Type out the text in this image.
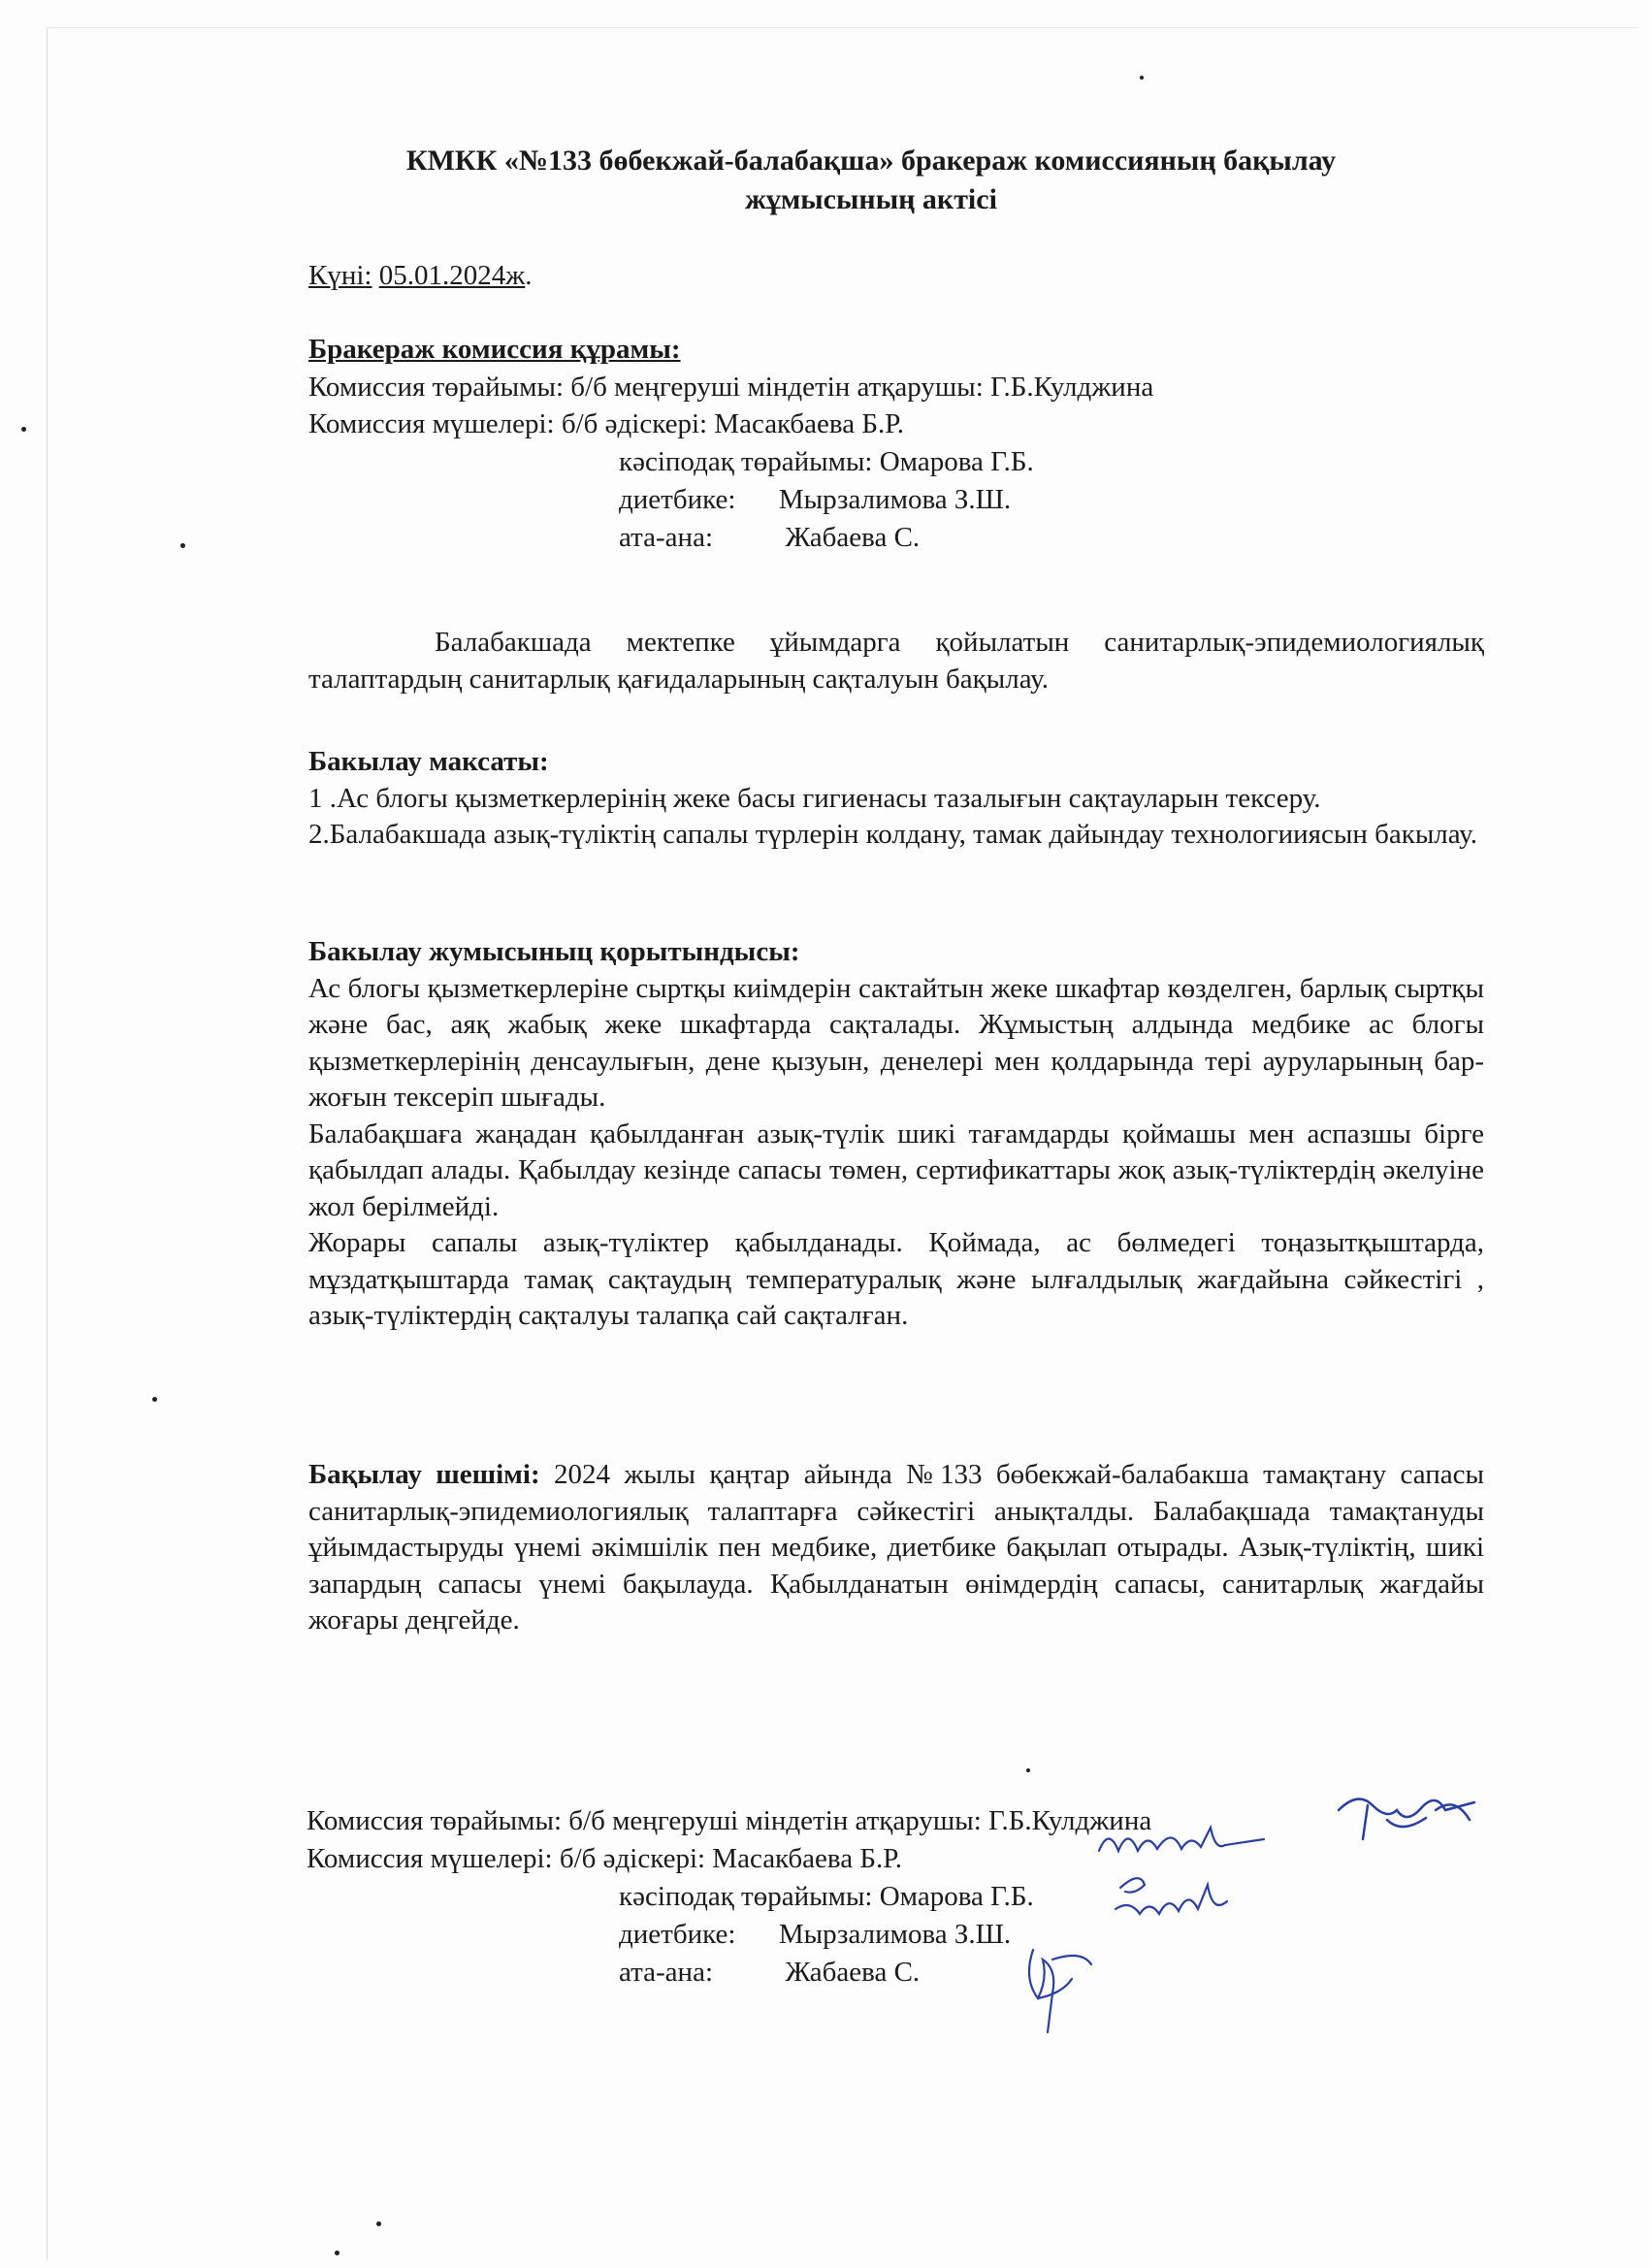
КМКК «№133 бөбекжай-балабақша» бракераж комиссияның бақылау
жұмысының актісі
Күні: 05.01.2024ж.
Бракераж комиссия құрамы:
Комиссия төрайымы: б/б меңгеруші міндетін атқарушы: Г.Б.Кулджина
Комиссия мүшелері: б/б әдіскері: Масакбаева Б.Р.
кәсіподақ төрайымы: Омарова Г.Б.
диетбике: Мырзалимова З.Ш.
ата-ана:	Жабаева С.

Балабакшада мектепке ұйымдарга қойылатын санитарлық-эпидемиологиялық талаптардың санитарлық қағидаларының сақталуын бақылау.

Бакылау максаты:

1 .Ас блогы қызметкерлерінің жеке басы гигиенасы тазалығын сақтауларын тексеру.

2.Балабакшада азық-түліктің сапалы түрлерін колдану, тамак дайындау технологииясын бакылау.

Бакылау жумысыныц қорытындысы:

Ас блогы қызметкерлеріне сыртқы киімдерін сактайтын жеке шкафтар көзделген, барлық сыртқы және бас, аяқ жабық жеке шкафтарда сақталады. Жұмыстың алдында медбике ас блогы қызметкерлерінің денсаулығын, дене қызуын, денелері мен қолдарында тері ауруларының бар-жоғын тексеріп шығады.

Балабақшаға жаңадан қабылданған азық-түлік шикі тағамдарды қоймашы мен аспазшы бірге қабылдап алады. Қабылдау кезінде сапасы төмен, сертификаттары жоқ азық-түліктердің әкелуіне жол берілмейді.

Жорары сапалы азық-түліктер қабылданады. Қоймада, ас бөлмедегі тоңазытқыштарда, мұздатқыштарда тамақ сақтаудың температуралық және ылғалдылық жағдайына сәйкестігі , азық-түліктердің сақталуы талапқа сай сақталған.

Бақылау шешімі: 2024 жылы қаңтар айында №133 бөбекжай-балабакша тамақтану сапасы санитарлық-эпидемиологиялық талаптарға сәйкестігі анықталды. Балабақшада тамақтануды ұйымдастыруды үнемі әкімшілік пен медбике, диетбике бақылап отырады. Азық-түліктің, шикі запардың сапасы үнемі бақылауда. Қабылданатын өнімдердің сапасы, санитарлық жағдайы жоғары деңгейде.

Комиссия төрайымы: б/б меңгеруші міндетін атқарушы: Г.Б.Кулджина
Комиссия мүшелері: б/б әдіскері: Масакбаева Б.Р.
кәсіподақ төрайымы: Омарова Г.Б.
диетбике: Мырзалимова З.Ш.
ата-ана:	Жабаева С.
